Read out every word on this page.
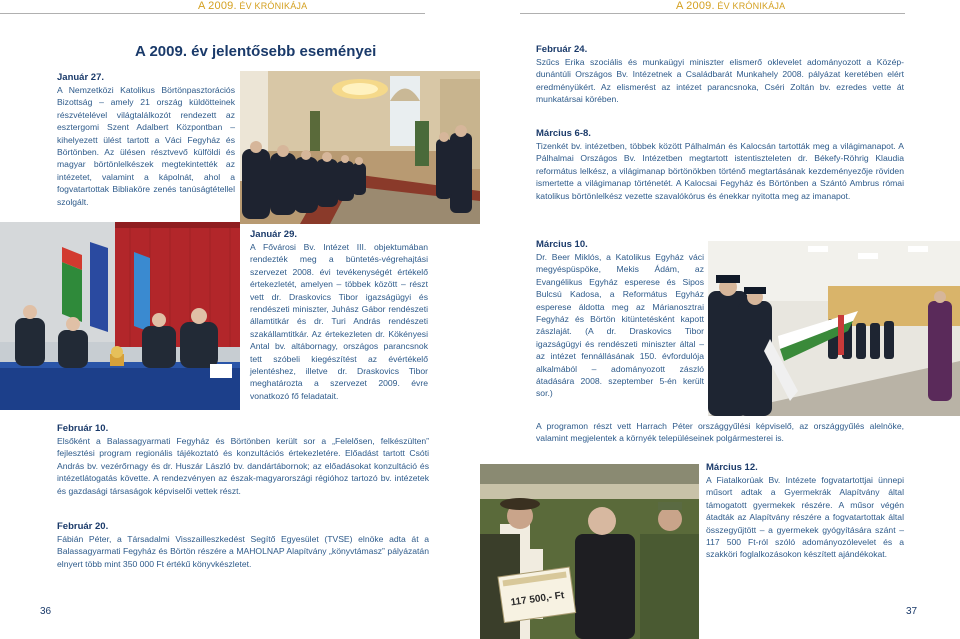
A 2009. ÉV KRÓNIKÁJA	A 2009. ÉV KRÓNIKÁJA
A 2009. év jelentősebb eseményei

Január 27.

A Nemzetközi Katolikus Börtönpasztorációs Bizottság – amely 21 ország küldötteinek részvételével világtalálkozót rendezett az esztergomi Szent Adalbert Központban – kihelyezett ülést tartott a Váci Fegyház és Börtönben. Az ülésen résztvevő külföldi és magyar börtönlelkészek megtekintették az intézetet, valamint a kápolnát, ahol a fogvatartottak Bibliaköre zenés tanúságtétellel szolgált.

Január 29.

A Fővárosi Bv. Intézet III. objektumában rendezték meg a büntetés-végrehajtási szervezet 2008. évi tevékenységét értékelő értekezletét, amelyen – többek között – részt vett dr. Draskovics Tibor igazságügyi és rendészeti miniszter, Juhász Gábor rendészeti államtitkár és dr. Turi András rendészeti szakállamtitkár. Az értekezleten dr. Kökényesi Antal bv. altábornagy, országos parancsnok tett szóbeli kiegészítést az évértékelő jelentéshez, illetve dr. Draskovics Tibor meghatározta a szervezet 2009. évre vonatkozó fő feladatait.

Február 10.

Elsőként a Balassagyarmati Fegyház és Börtönben került sor a „Felelősen, felkészülten” fejlesztési program regionális tájékoztató és konzultációs értekezletére. Előadást tartott Csóti András bv. vezérőrnagy és dr. Huszár László bv. dandártábornok; az előadásokat konzultáció és intézetlátogatás követte. A rendezvényen az észak-magyarországi régióhoz tartozó bv. intézetek és gazdasági társaságok képviselői vettek részt.

Február 20.

Fábián Péter, a Társadalmi Visszailleszkedést Segítő Egyesület (TVSE) elnöke adta át a Balassagyarmati Fegyház és Börtön részére a MAHOLNAP Alapítvány „könyvtámasz” pályázatán elnyert több mint 350 000 Ft értékű könyvkészletet.

36

Február 24.

Szűcs Erika szociális és munkaügyi miniszter elismerő oklevelet adományozott a Közép-dunántúli Országos Bv. Intézetnek a Családbarát Munkahely 2008. pályázat keretében elért eredményükért. Az elismerést az intézet parancsnoka, Cséri Zoltán bv. ezredes vette át munkatársai körében.

Március 6-8.

Tizenkét bv. intézetben, többek között Pálhalmán és Kalocsán tartották meg a világimanapot. A Pálhalmai Országos Bv. Intézetben megtartott istentiszteleten dr. Békefy-Röhrig Klaudia református lelkész, a világimanap börtönökben történő megtartásának kezdeményezője röviden ismertette a világimanap történetét. A Kalocsai Fegyház és Börtönben a Szántó Ambrus római katolikus börtönlelkész vezette szavalókórus és énekkar nyitotta meg az imanapot.

Március 10.

Dr. Beer Miklós, a Katolikus Egyház váci megyéspüspöke, Mekis Ádám, az Evangélikus Egyház esperese és Sipos Bulcsú Kadosa, a Református Egyház esperese áldotta meg az Márianosztrai Fegyház és Börtön kitüntetésként kapott zászlaját. (A dr. Draskovics Tibor igazságügyi és rendészeti miniszter által – az intézet fennállásának 150. évfordulója alkalmából – adományozott zászló átadására 2008. szeptember 5-én került sor.)

A programon részt vett Harrach Péter országgyűlési képviselő, az országgyűlés alelnöke, valamint megjelentek a környék településeinek polgármesterei is.

117 500,- Ft

Március 12.

A Fiatalkorúak Bv. Intézete fogvatartottjai ünnepi műsort adtak a Gyermekrák Alapítvány által támogatott gyermekek részére. A műsor végén átadták az Alapítvány részére a fogvatartottak által összegyűjtött – a gyermekek gyógyítására szánt – 117 500 Ft-ról szóló adományozólevelet és a szakköri foglalkozásokon készített ajándékokat.

37
